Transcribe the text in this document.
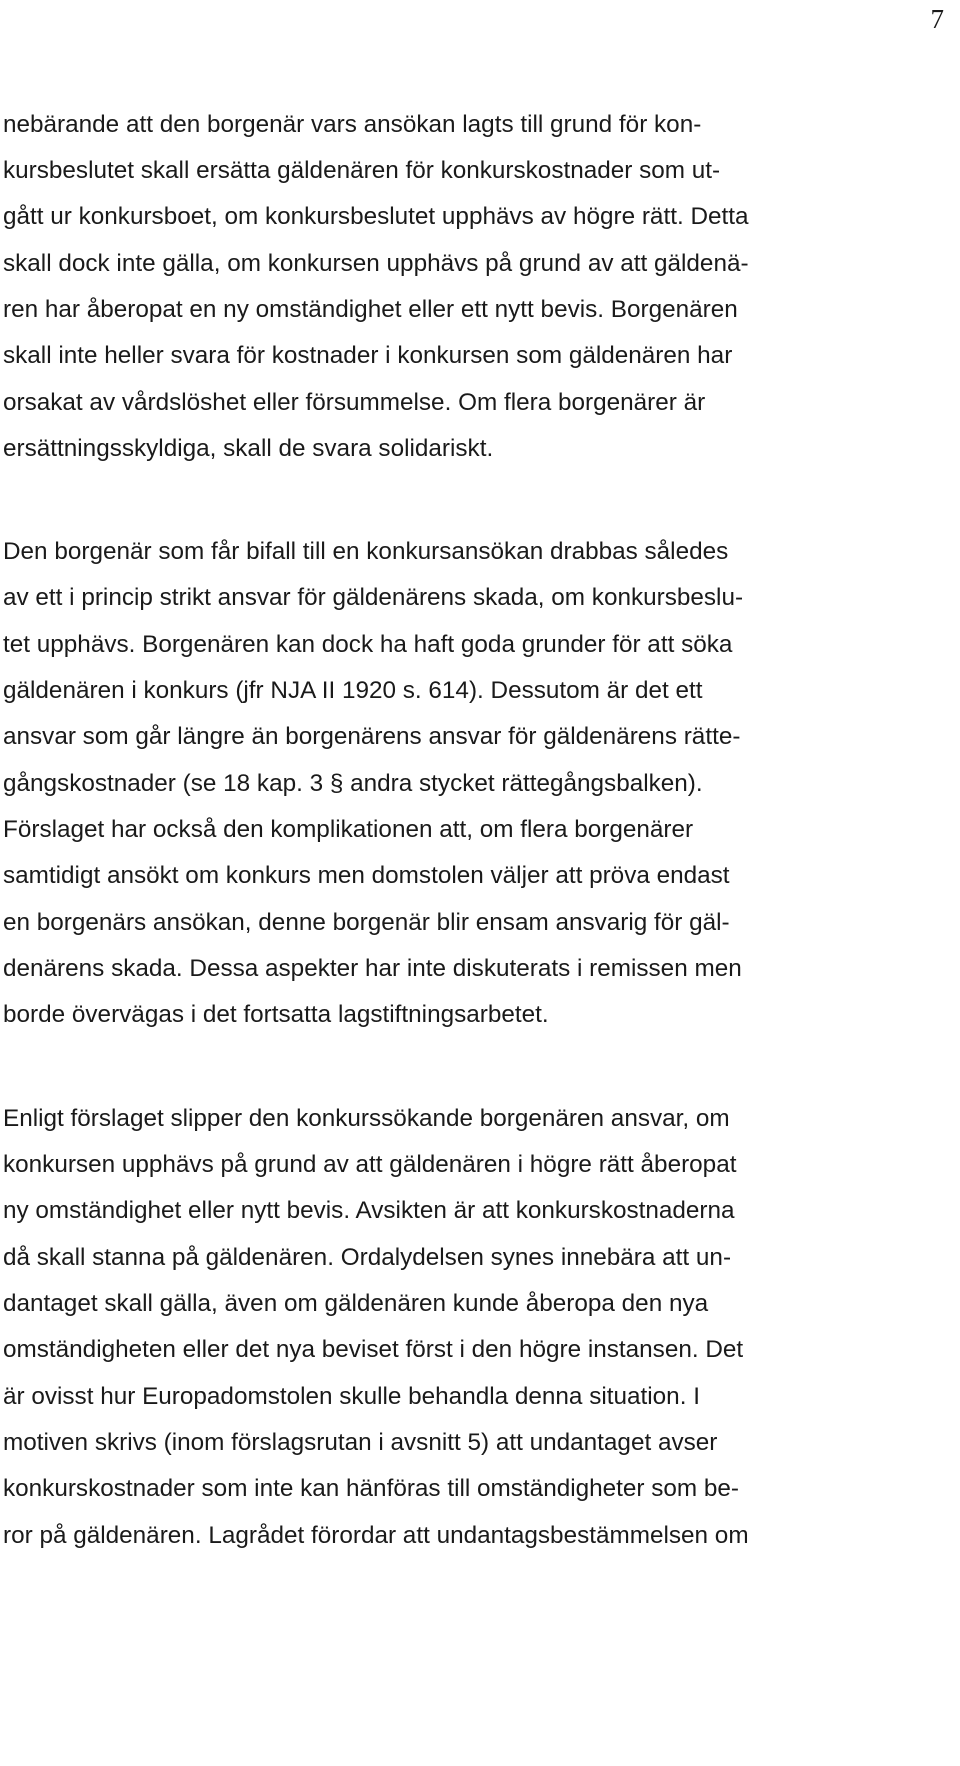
7
nebärande att den borgenär vars ansökan lagts till grund för kon-
kursbeslutet skall ersätta gäldenären för konkurskostnader som ut-
gått ur konkursboet, om konkursbeslutet upphävs av högre rätt. Detta
skall dock inte gälla, om konkursen upphävs på grund av att gäldenä-
ren har åberopat en ny omständighet eller ett nytt bevis. Borgenären
skall inte heller svara för kostnader i konkursen som gäldenären har
orsakat av vårdslöshet eller försummelse. Om flera borgenärer är
ersättningsskyldiga, skall de svara solidariskt.
Den borgenär som får bifall till en konkursansökan drabbas således
av ett i princip strikt ansvar för gäldenärens skada, om konkursbeslu-
tet upphävs. Borgenären kan dock ha haft goda grunder för att söka
gäldenären i konkurs (jfr NJA II 1920 s. 614). Dessutom är det ett
ansvar som går längre än borgenärens ansvar för gäldenärens rätte-
gångskostnader (se 18 kap. 3 § andra stycket rättegångsbalken).
Förslaget har också den komplikationen att, om flera borgenärer
samtidigt ansökt om konkurs men domstolen väljer att pröva endast
en borgenärs ansökan, denne borgenär blir ensam ansvarig för gäl-
denärens skada. Dessa aspekter har inte diskuterats i remissen men
borde övervägas i det fortsatta lagstiftningsarbetet.
Enligt förslaget slipper den konkurssökande borgenären ansvar, om
konkursen upphävs på grund av att gäldenären i högre rätt åberopat
ny omständighet eller nytt bevis. Avsikten är att konkurskostnaderna
då skall stanna på gäldenären. Ordalydelsen synes innebära att un-
dantaget skall gälla, även om gäldenären kunde åberopa den nya
omständigheten eller det nya beviset först i den högre instansen. Det
är ovisst hur Europadomstolen skulle behandla denna situation. I
motiven skrivs (inom förslagsrutan i avsnitt 5) att undantaget avser
konkurskostnader som inte kan hänföras till omständigheter som be-
ror på gäldenären. Lagrådet förordar att undantagsbestämmelsen om
